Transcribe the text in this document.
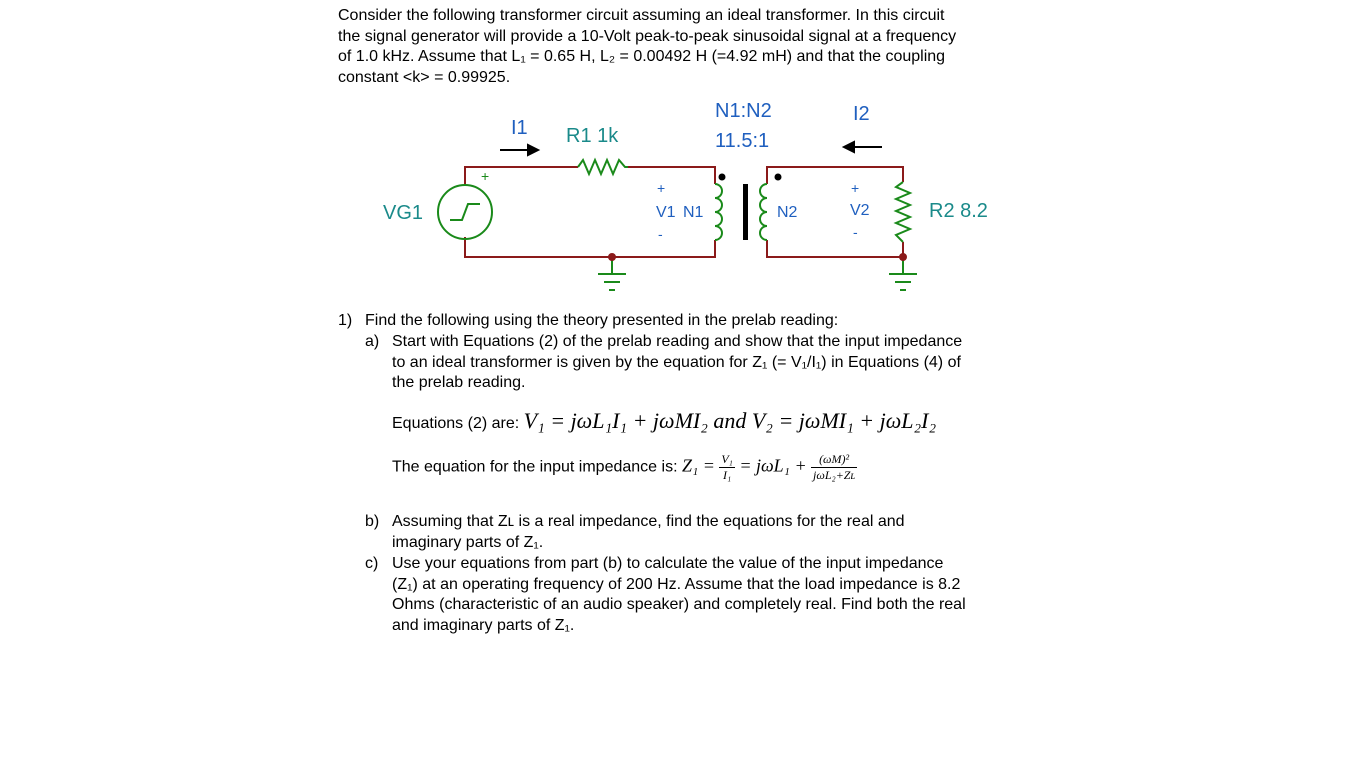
Consider the following transformer circuit assuming an ideal transformer. In this circuit
the signal generator will provide a 10-Volt peak-to-peak sinusoidal signal at a frequency
of 1.0 kHz. Assume that L₁ = 0.65 H, L₂ = 0.00492 H (=4.92 mH) and that the coupling
constant <k> = 0.99925.
VG1
+
I1 R1 1k
N1:N2
11.5:1
I2
+
V1
-
N1	N2
+
V2
-
R2 8.2
1) Find the following using the theory presented in the prelab reading:
a) Start with Equations (2) of the prelab reading and show that the input impedance
to an ideal transformer is given by the equation for Z₁ (= V₁/I₁) in Equations (4) of
the prelab reading.
Equations (2) are: V₁ = jωL₁I₁ + jωMI₂ and V₂ = jωMI₁ + jωL₂I₂
The equation for the input impedance is: $Z_1 = \frac{\text{V₁}}{\text{I₁}} = j\omega L_1 + \frac{\text{(ωM)²}}{\text{jωL₂+Zʟ}}$
b) Assuming that Zʟ is a real impedance, find the equations for the real and
imaginary parts of Z₁.
c) Use your equations from part (b) to calculate the value of the input impedance
(Z₁) at an operating frequency of 200 Hz. Assume that the load impedance is 8.2
Ohms (characteristic of an audio speaker) and completely real. Find both the real
and imaginary parts of Z₁.
